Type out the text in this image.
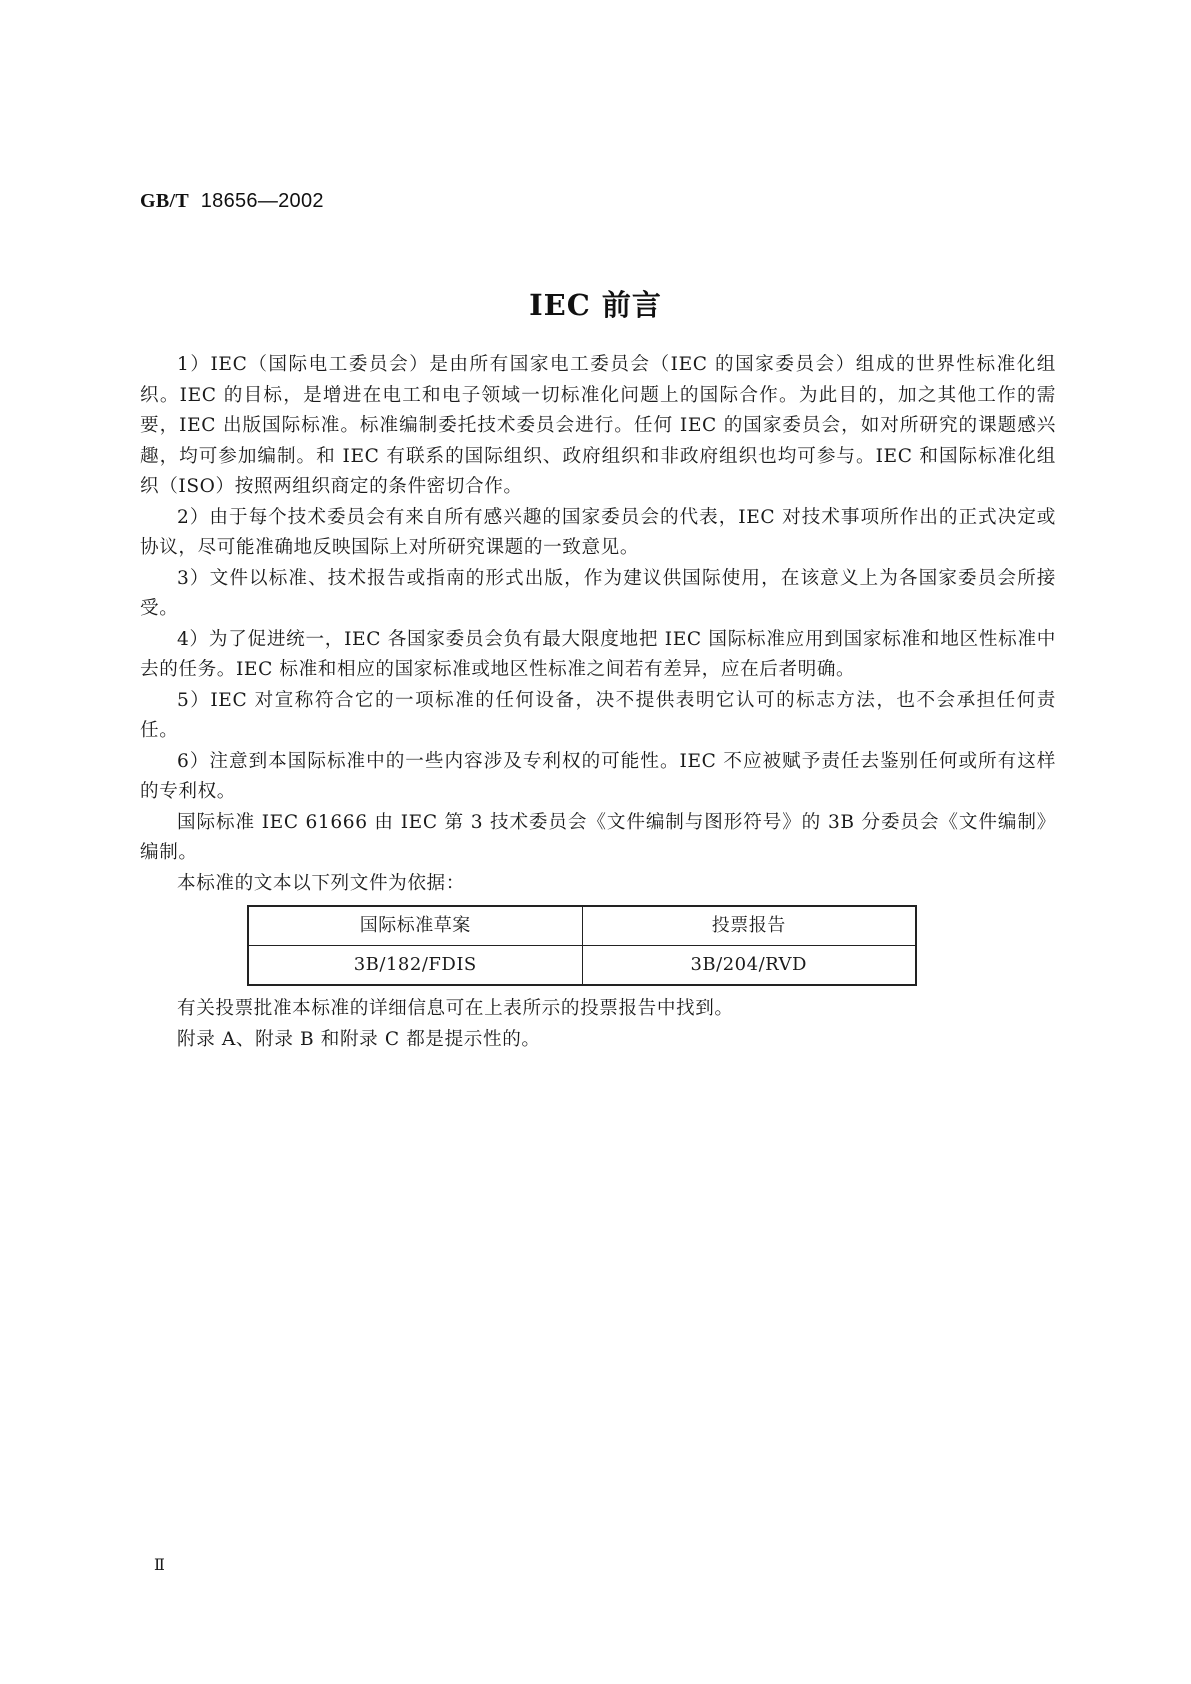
GB/T 18656—2002
IEC 前言

1）IEC（国际电工委员会）是由所有国家电工委员会（IEC 的国家委员会）组成的世界性标准化组织。IEC 的目标，是增进在电工和电子领域一切标准化问题上的国际合作。为此目的，加之其他工作的需要，IEC 出版国际标准。标准编制委托技术委员会进行。任何 IEC 的国家委员会，如对所研究的课题感兴趣，均可参加编制。和 IEC 有联系的国际组织、政府组织和非政府组织也均可参与。IEC 和国际标准化组织（ISO）按照两组织商定的条件密切合作。

2）由于每个技术委员会有来自所有感兴趣的国家委员会的代表，IEC 对技术事项所作出的正式决定或协议，尽可能准确地反映国际上对所研究课题的一致意见。

3）文件以标准、技术报告或指南的形式出版，作为建议供国际使用，在该意义上为各国家委员会所接受。

4）为了促进统一，IEC 各国家委员会负有最大限度地把 IEC 国际标准应用到国家标准和地区性标准中去的任务。IEC 标准和相应的国家标准或地区性标准之间若有差异，应在后者明确。

5）IEC 对宣称符合它的一项标准的任何设备，决不提供表明它认可的标志方法，也不会承担任何责任。

6）注意到本国际标准中的一些内容涉及专利权的可能性。IEC 不应被赋予责任去鉴别任何或所有这样的专利权。

国际标准 IEC 61666 由 IEC 第 3 技术委员会《文件编制与图形符号》的 3B 分委员会《文件编制》编制。

本标准的文本以下列文件为依据：

国际标准草案	投票报告
3B/182/FDIS	3B/204/RVD

有关投票批准本标准的详细信息可在上表所示的投票报告中找到。

附录 A、附录 B 和附录 C 都是提示性的。

Ⅱ
